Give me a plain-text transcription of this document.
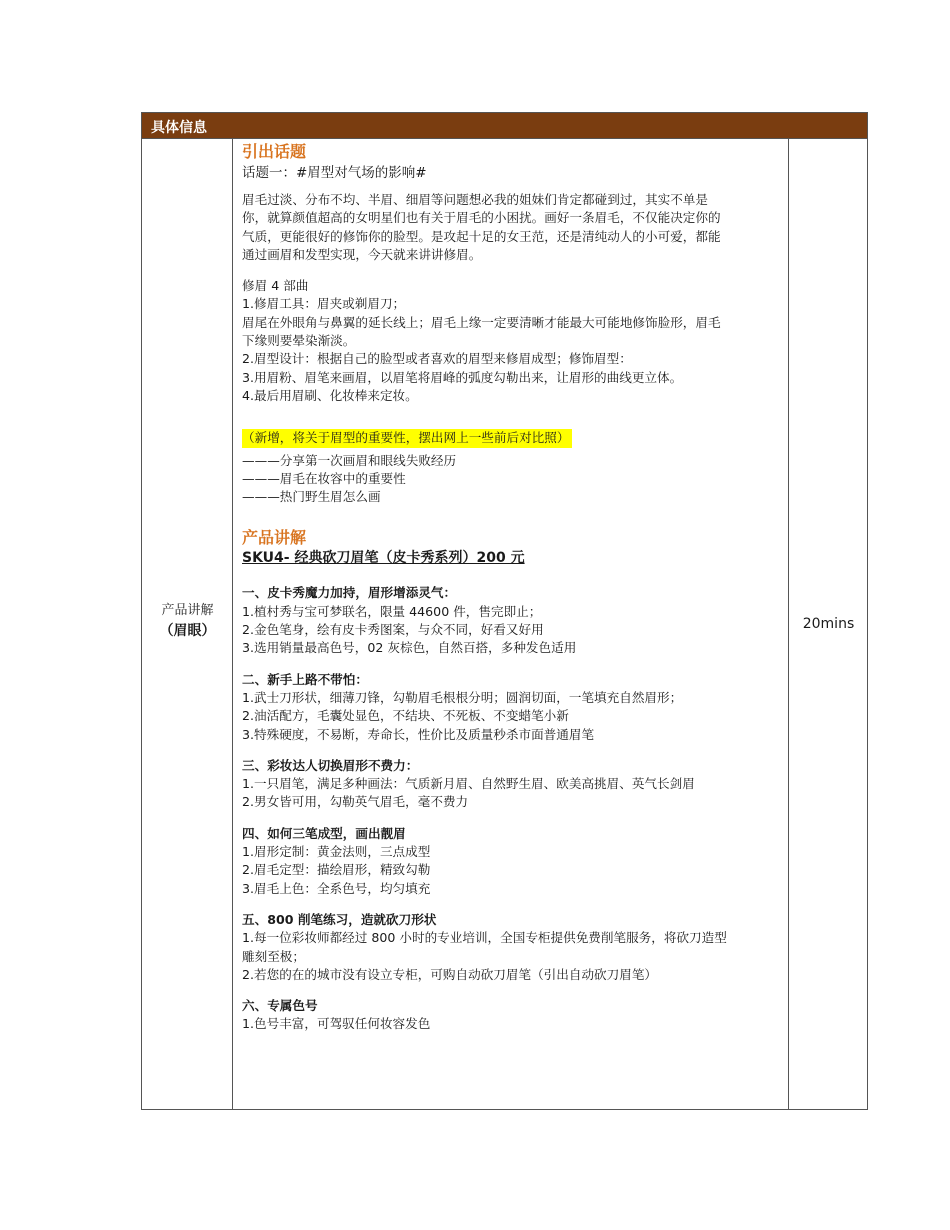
具体信息
产品讲解
（眉眼）	20mins

引出话题

话题一：#眉型对气场的影响#

眉毛过淡、分布不均、半眉、细眉等问题想必我的姐妹们肯定都碰到过，其实不单是

你，就算颜值超高的女明星们也有关于眉毛的小困扰。画好一条眉毛，不仅能决定你的

气质，更能很好的修饰你的脸型。是攻起十足的女王范，还是清纯动人的小可爱，都能

通过画眉和发型实现，今天就来讲讲修眉。

修眉 4 部曲

1.修眉工具：眉夹或剃眉刀；

眉尾在外眼角与鼻翼的延长线上；眉毛上缘一定要清晰才能最大可能地修饰脸形，眉毛

下缘则要晕染渐淡。

2.眉型设计：根据自己的脸型或者喜欢的眉型来修眉成型；修饰眉型：

3.用眉粉、眉笔来画眉，以眉笔将眉峰的弧度勾勒出来，让眉形的曲线更立体。

4.最后用眉刷、化妆棒来定妆。

（新增，将关于眉型的重要性，摆出网上一些前后对比照）

———分享第一次画眉和眼线失败经历

———眉毛在妆容中的重要性

———热门野生眉怎么画

产品讲解

SKU4- 经典砍刀眉笔（皮卡秀系列）200 元

一、皮卡秀魔力加持，眉形增添灵气：

1.植村秀与宝可梦联名，限量 44600 件，售完即止；

2.金色笔身，绘有皮卡秀图案，与众不同，好看又好用

3.选用销量最高色号，02 灰棕色，自然百搭，多种发色适用

二、新手上路不带怕：

1.武士刀形状，细薄刀锋，勾勒眉毛根根分明；圆润切面，一笔填充自然眉形；

2.油活配方，毛囊处显色，不结块、不死板、不变蜡笔小新

3.特殊硬度，不易断，寿命长，性价比及质量秒杀市面普通眉笔

三、彩妆达人切换眉形不费力：

1.一只眉笔，满足多种画法：气质新月眉、自然野生眉、欧美高挑眉、英气长剑眉

2.男女皆可用，勾勒英气眉毛，毫不费力

四、如何三笔成型，画出靓眉

1.眉形定制：黄金法则，三点成型

2.眉毛定型：描绘眉形，精致勾勒

3.眉毛上色：全系色号，均匀填充

五、800 削笔练习，造就砍刀形状

1.每一位彩妆师都经过 800 小时的专业培训，全国专柜提供免费削笔服务，将砍刀造型

雕刻至极；

2.若您的在的城市没有设立专柜，可购自动砍刀眉笔（引出自动砍刀眉笔）

六、专属色号

1.色号丰富，可驾驭任何妆容发色
